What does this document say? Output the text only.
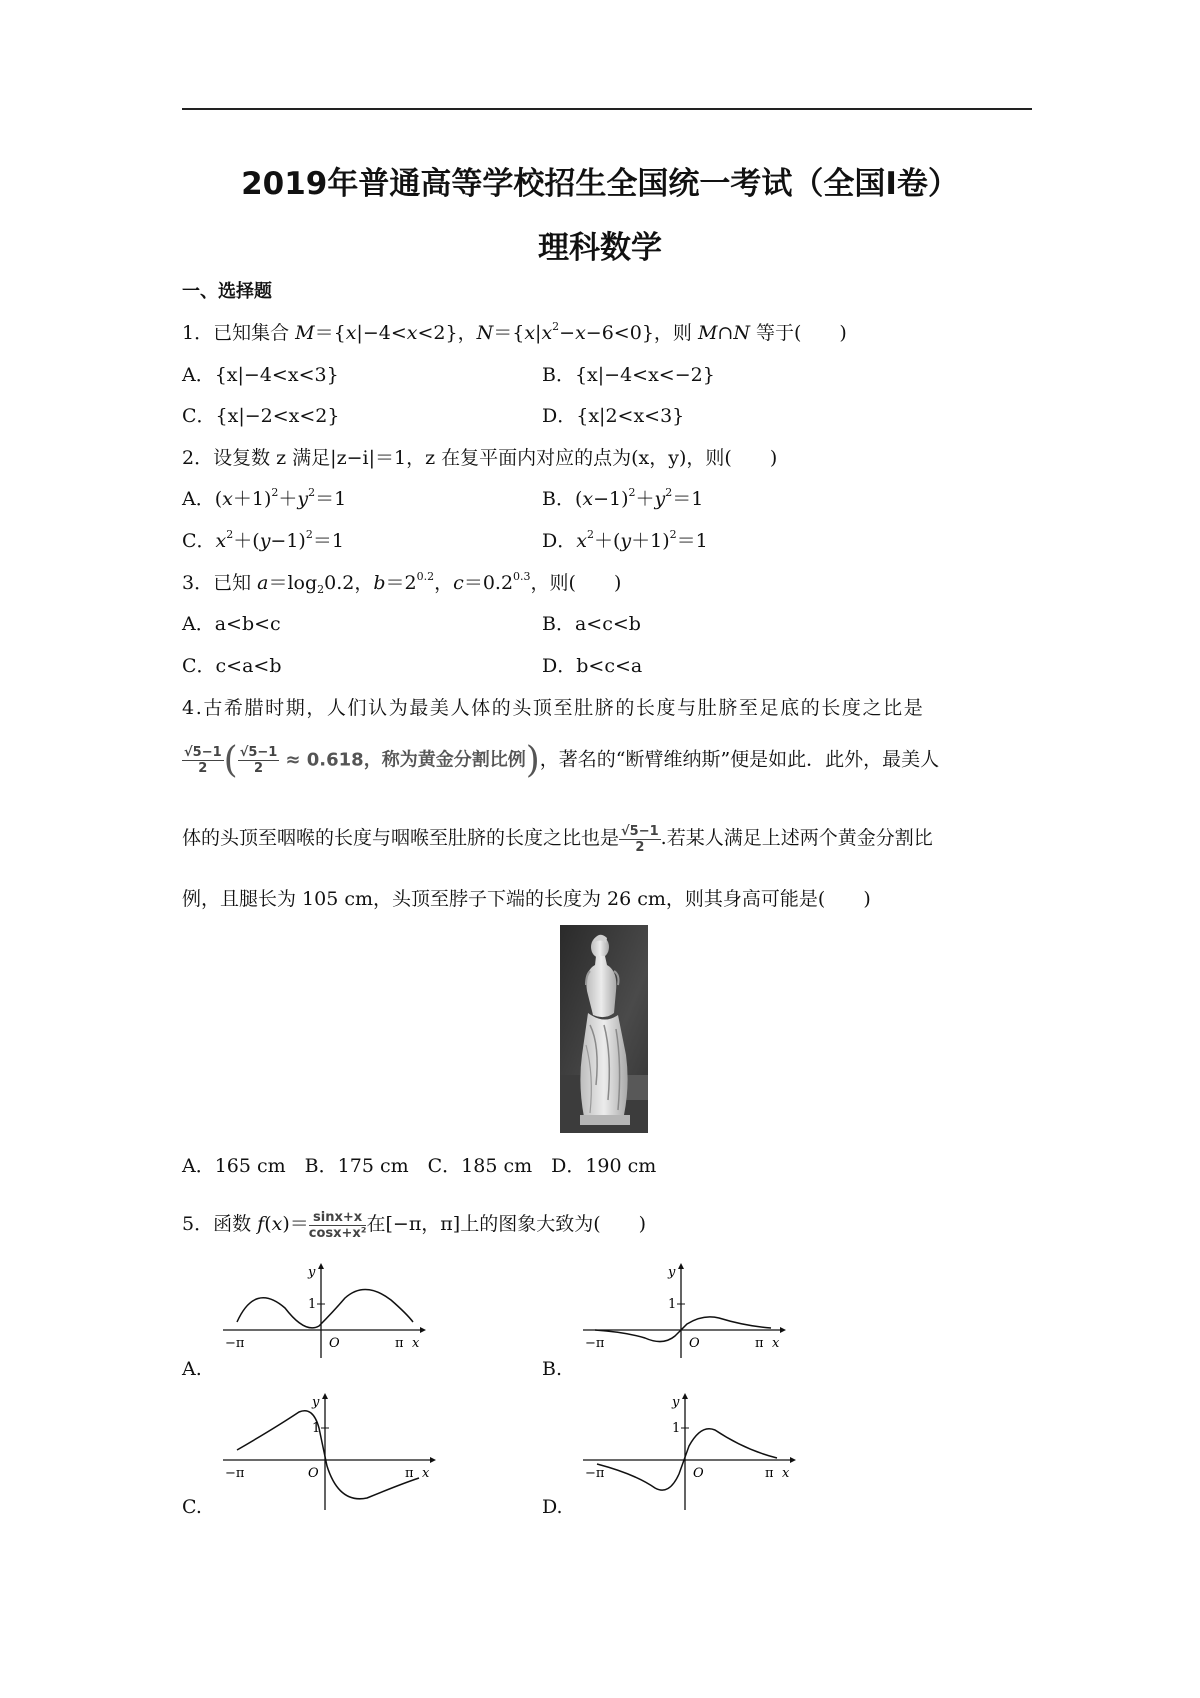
2019年普通高等学校招生全国统一考试（全国Ⅰ卷）
理科数学
一、选择题
1．已知集合 M＝{x|−4<x<2}，$N=\{x|x^2-x-6<0\}$，则 M∩N 等于(　　)
A．{x|−4<x<3}	B．{x|−4<x<−2}
C．{x|−2<x<2}	D．{x|2<x<3}
2．设复数 z 满足|z−i|＝1，z 在复平面内对应的点为(x，y)，则(　　)
A．$(x+1)^2+y^2=1$	B．$(x-1)^2+y^2=1$
C．$x^2+(y-1)^2=1$	D．$x^2+(y+1)^2=1$
3．已知 $a=\log_20.2$，$b=2^{0.2}$，$c=0.2^{0.3}$，则(　　)
A．a<b<c	B．a<c<b
C．c<a<b	D．b<c<a
4.古希腊时期，人们认为最美人体的头顶至肚脐的长度与肚脐至足底的长度之比是
$\frac{√5-1}{2}$ ( $\frac{√5-1}{2} \approx 0.618$，称为黄金分割比例)，著名的“断臂维纳斯”便是如此．此外，最美人
体的头顶至咽喉的长度与咽喉至肚脐的长度之比也是 $\frac{√5-1}{2}$ .若某人满足上述两个黄金分割比
例，且腿长为 105 cm，头顶至脖子下端的长度为 26 cm，则其身高可能是(　　)
A．165 cm　B．175 cm　C．185 cm　D．190 cm
5．函数 $f(x)= \frac{\sin x+x}{\text{cosx+x²}}$ 在[−π，π]上的图象大致为(　　)
−π	O	π x
y
1
A.
−π	O	π x
y
1
B.
−π	O	π x
y
1
C.
−π	O	π x
y
1
D.
